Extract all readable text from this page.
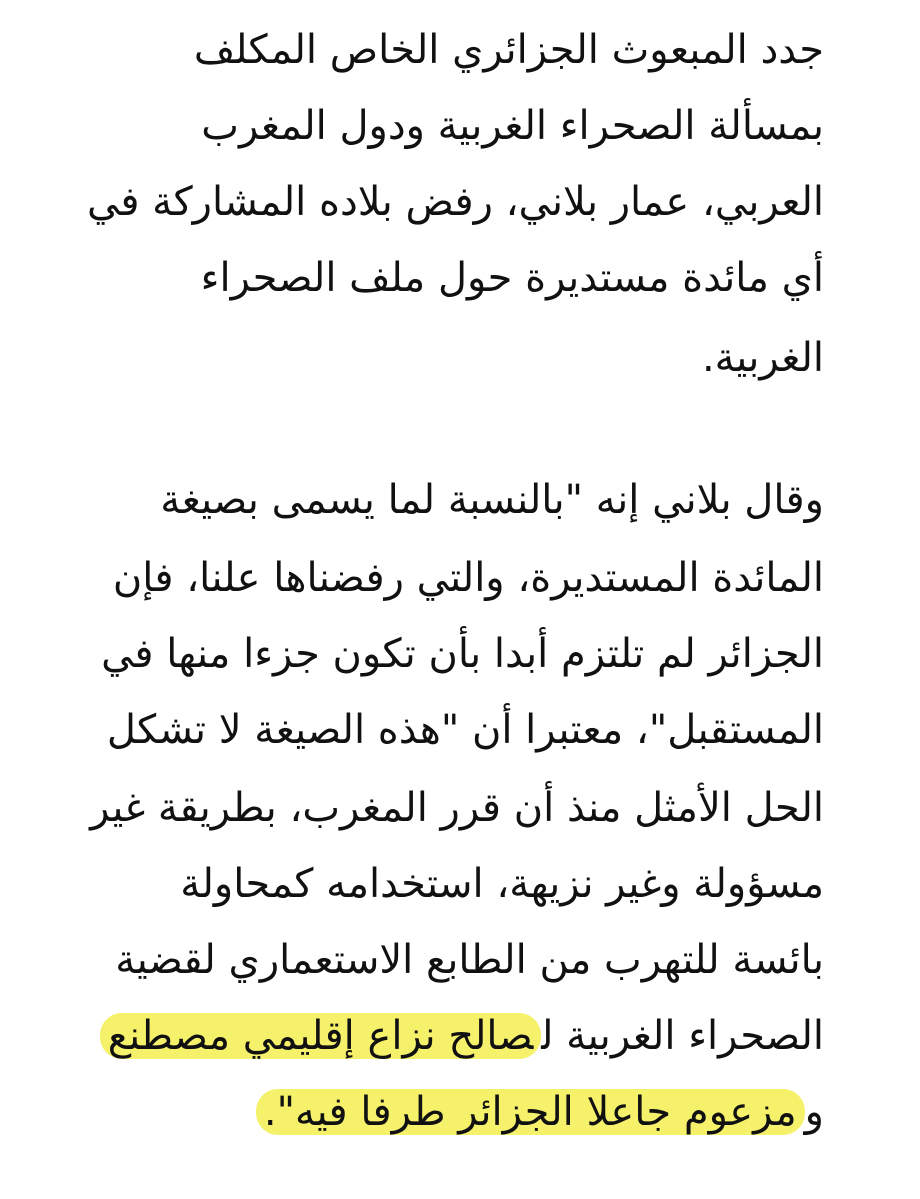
جدد المبعوث الجزائري الخاص المكلف
بمسألة الصحراء الغربية ودول المغرب
العربي، عمار بلاني، رفض بلاده المشاركة في
أي مائدة مستديرة حول ملف الصحراء
الغربية.
وقال بلاني إنه "بالنسبة لما يسمى بصيغة
المائدة المستديرة، والتي رفضناها علنا، فإن
الجزائر لم تلتزم أبدا بأن تكون جزءا منها في
المستقبل"، معتبرا أن "هذه الصيغة لا تشكل
الحل الأمثل منذ أن قرر المغرب، بطريقة غير
مسؤولة وغير نزيهة، استخدامه كمحاولة
بائسة للتهرب من الطابع الاستعماري لقضية
الصحراء الغربية لصالح نزاع إقليمي مصطنع
ومزعوم جاعلا الجزائر طرفا فيه".
